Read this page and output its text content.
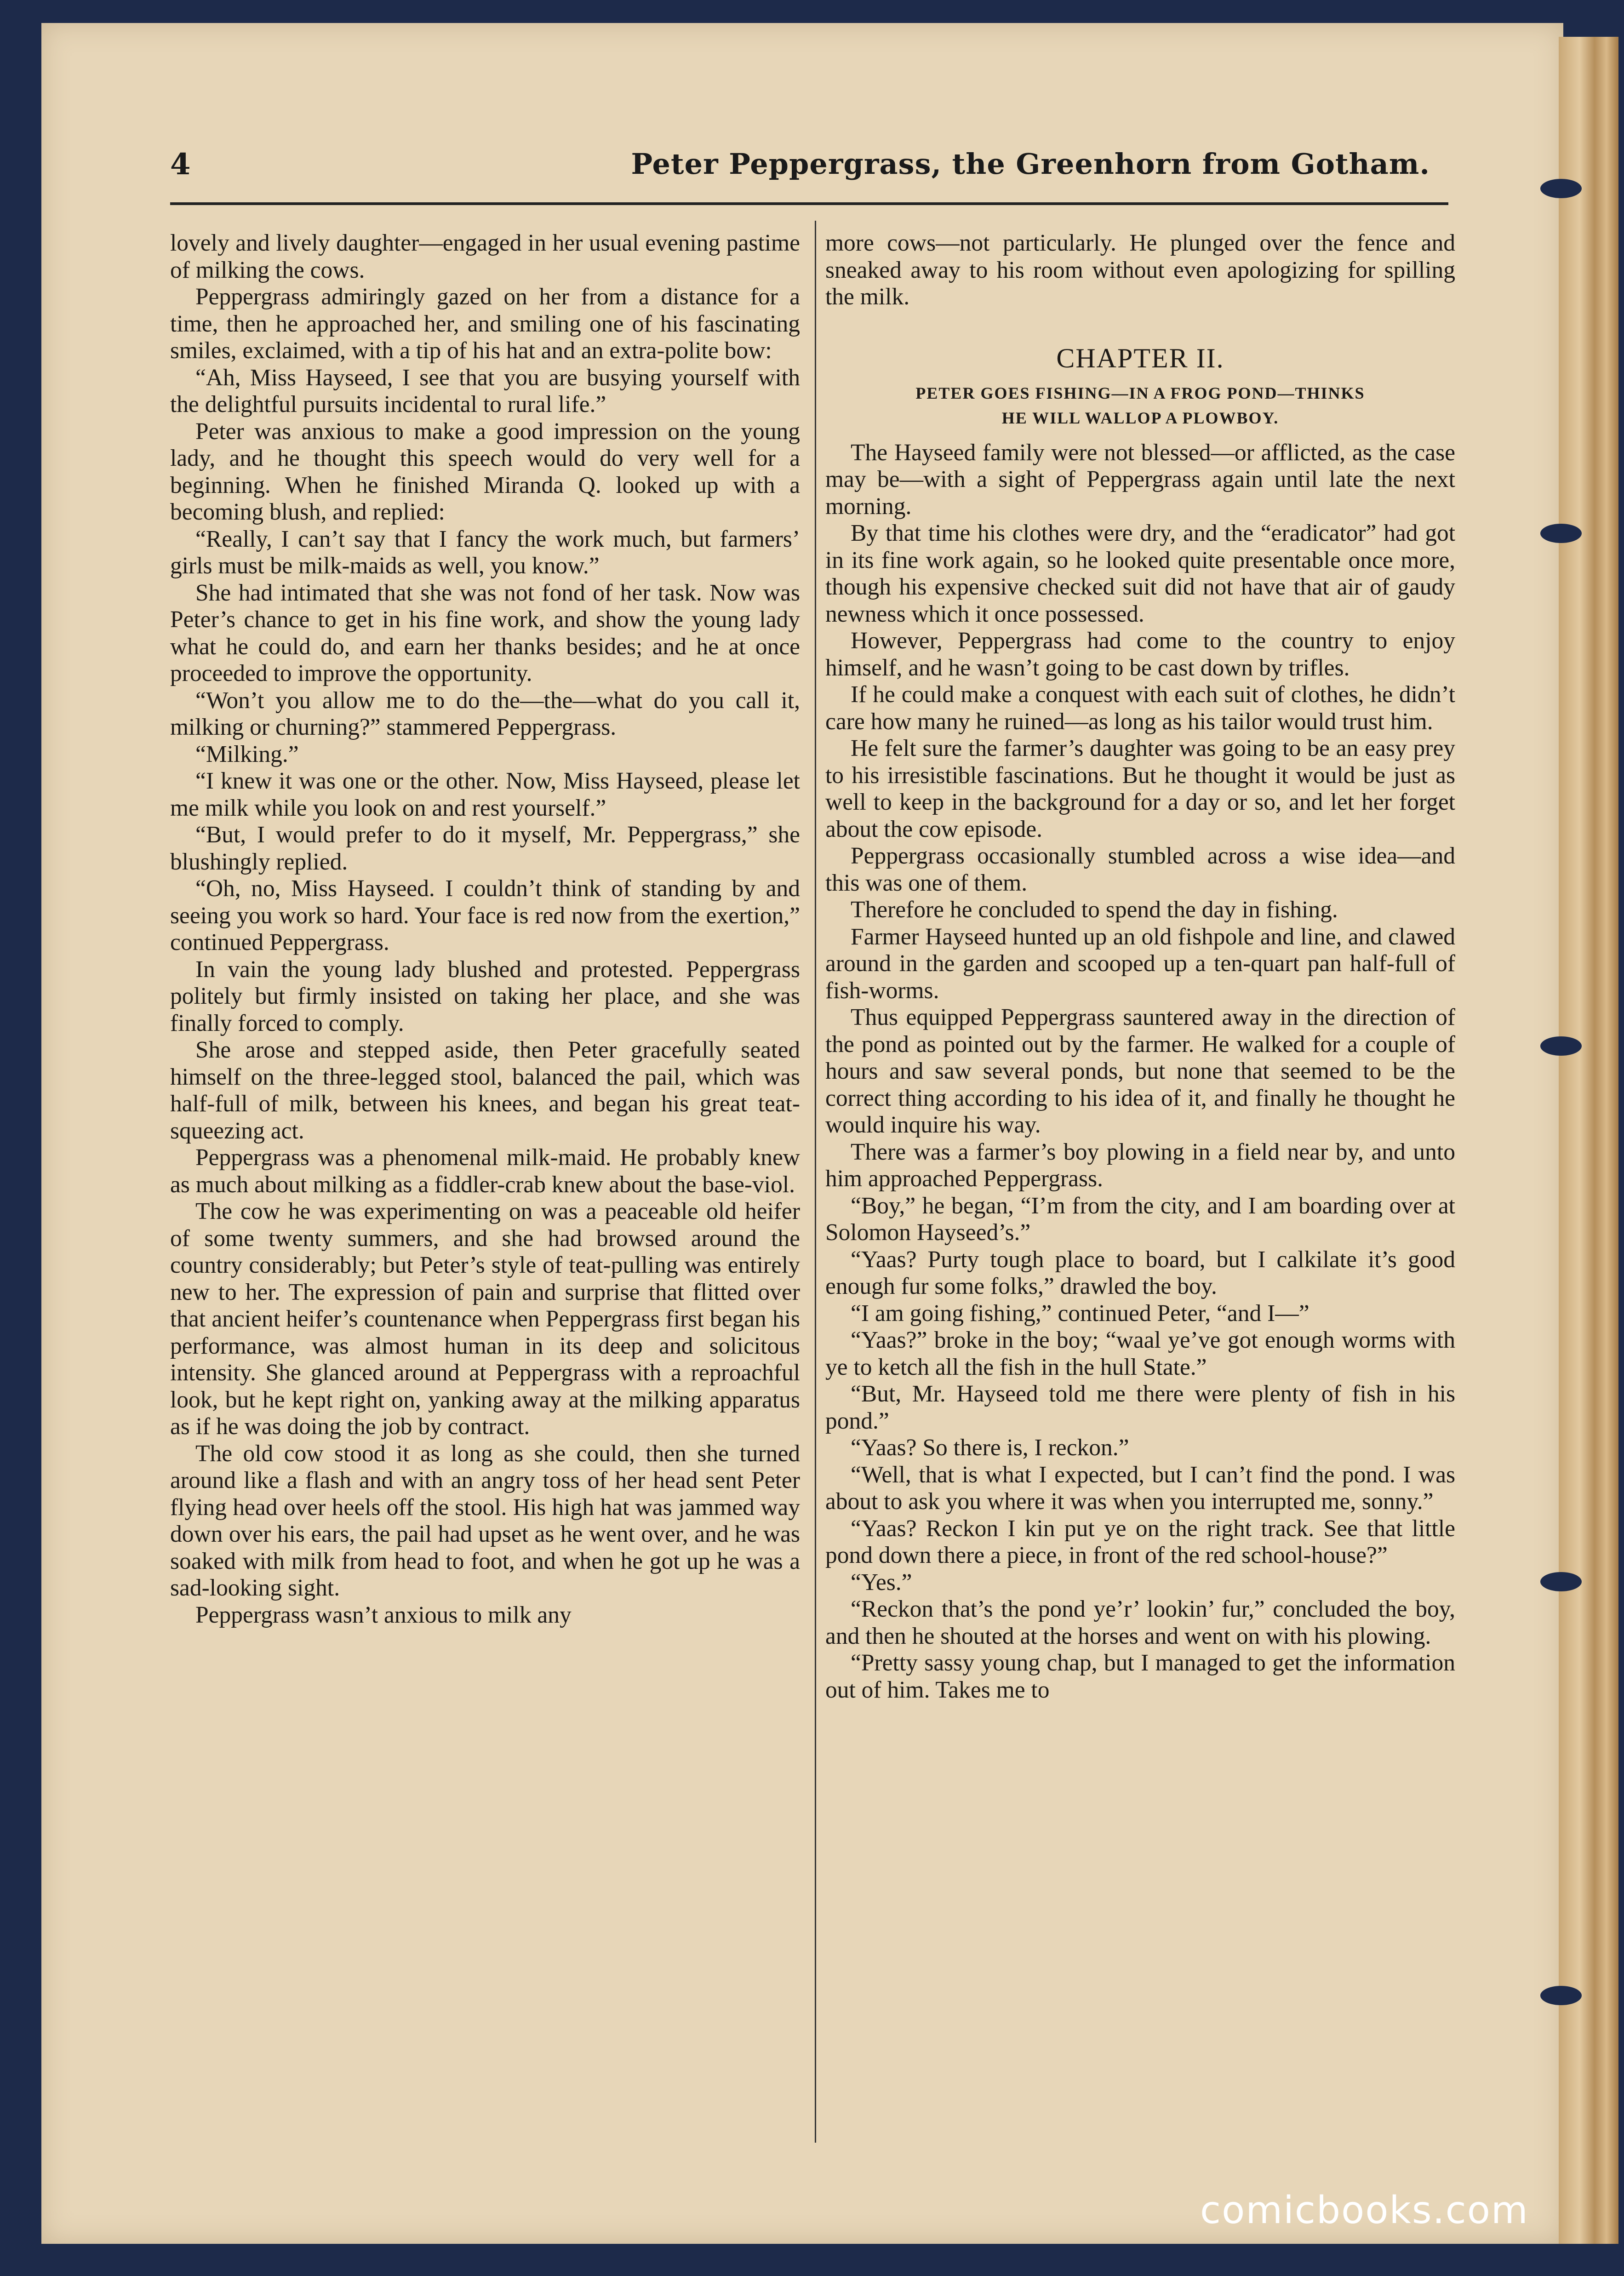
4	Peter Peppergrass, the Greenhorn from Gotham.

lovely and lively daughter—engaged in her usual evening pastime of milking the cows.

Peppergrass admiringly gazed on her from a distance for a time, then he approached her, and smiling one of his fascinating smiles, exclaimed, with a tip of his hat and an extra-polite bow:

“Ah, Miss Hayseed, I see that you are busying yourself with the delightful pursuits incidental to rural life.”

Peter was anxious to make a good impression on the young lady, and he thought this speech would do very well for a beginning. When he finished Miranda Q. looked up with a becoming blush, and replied:

“Really, I can’t say that I fancy the work much, but farmers’ girls must be milk-maids as well, you know.”

She had intimated that she was not fond of her task. Now was Peter’s chance to get in his fine work, and show the young lady what he could do, and earn her thanks besides; and he at once proceeded to improve the opportunity.

“Won’t you allow me to do the—the—what do you call it, milking or churning?” stammered Peppergrass.

“Milking.”

“I knew it was one or the other. Now, Miss Hayseed, please let me milk while you look on and rest yourself.”

“But, I would prefer to do it myself, Mr. Peppergrass,” she blushingly replied.

“Oh, no, Miss Hayseed. I couldn’t think of standing by and seeing you work so hard. Your face is red now from the exertion,” continued Peppergrass.

In vain the young lady blushed and protested. Peppergrass politely but firmly insisted on taking her place, and she was finally forced to comply.

She arose and stepped aside, then Peter gracefully seated himself on the three-legged stool, balanced the pail, which was half-full of milk, between his knees, and began his great teat-squeezing act.

Peppergrass was a phenomenal milk-maid. He probably knew as much about milking as a fiddler-crab knew about the base-viol.

The cow he was experimenting on was a peaceable old heifer of some twenty summers, and she had browsed around the country considerably; but Peter’s style of teat-pulling was entirely new to her. The expression of pain and surprise that flitted over that ancient heifer’s countenance when Peppergrass first began his performance, was almost human in its deep and solicitous intensity. She glanced around at Peppergrass with a reproachful look, but he kept right on, yanking away at the milking apparatus as if he was doing the job by contract.

The old cow stood it as long as she could, then she turned around like a flash and with an angry toss of her head sent Peter flying head over heels off the stool. His high hat was jammed way down over his ears, the pail had upset as he went over, and he was soaked with milk from head to foot, and when he got up he was a sad-looking sight.

Peppergrass wasn’t anxious to milk any

more cows—not particularly. He plunged over the fence and sneaked away to his room without even apologizing for spilling the milk.

CHAPTER II.
PETER GOES FISHING—IN A FROG POND—THINKS
HE WILL WALLOP A PLOWBOY.

The Hayseed family were not blessed—or afflicted, as the case may be—with a sight of Peppergrass again until late the next morning.

By that time his clothes were dry, and the “eradicator” had got in its fine work again, so he looked quite presentable once more, though his expensive checked suit did not have that air of gaudy newness which it once possessed.

However, Peppergrass had come to the country to enjoy himself, and he wasn’t going to be cast down by trifles.

If he could make a conquest with each suit of clothes, he didn’t care how many he ruined—as long as his tailor would trust him.

He felt sure the farmer’s daughter was going to be an easy prey to his irresistible fascinations. But he thought it would be just as well to keep in the background for a day or so, and let her forget about the cow episode.

Peppergrass occasionally stumbled across a wise idea—and this was one of them.

Therefore he concluded to spend the day in fishing.

Farmer Hayseed hunted up an old fishpole and line, and clawed around in the garden and scooped up a ten-quart pan half-full of fish-worms.

Thus equipped Peppergrass sauntered away in the direction of the pond as pointed out by the farmer. He walked for a couple of hours and saw several ponds, but none that seemed to be the correct thing according to his idea of it, and finally he thought he would inquire his way.

There was a farmer’s boy plowing in a field near by, and unto him approached Peppergrass.

“Boy,” he began, “I’m from the city, and I am boarding over at Solomon Hayseed’s.”

“Yaas? Purty tough place to board, but I calkilate it’s good enough fur some folks,” drawled the boy.

“I am going fishing,” continued Peter, “and I—”

“Yaas?” broke in the boy; “waal ye’ve got enough worms with ye to ketch all the fish in the hull State.”

“But, Mr. Hayseed told me there were plenty of fish in his pond.”

“Yaas? So there is, I reckon.”

“Well, that is what I expected, but I can’t find the pond. I was about to ask you where it was when you interrupted me, sonny.”

“Yaas? Reckon I kin put ye on the right track. See that little pond down there a piece, in front of the red school-house?”

“Yes.”

“Reckon that’s the pond ye’r’ lookin’ fur,” concluded the boy, and then he shouted at the horses and went on with his plowing.

“Pretty sassy young chap, but I managed to get the information out of him. Takes me to

comicbooks.com
